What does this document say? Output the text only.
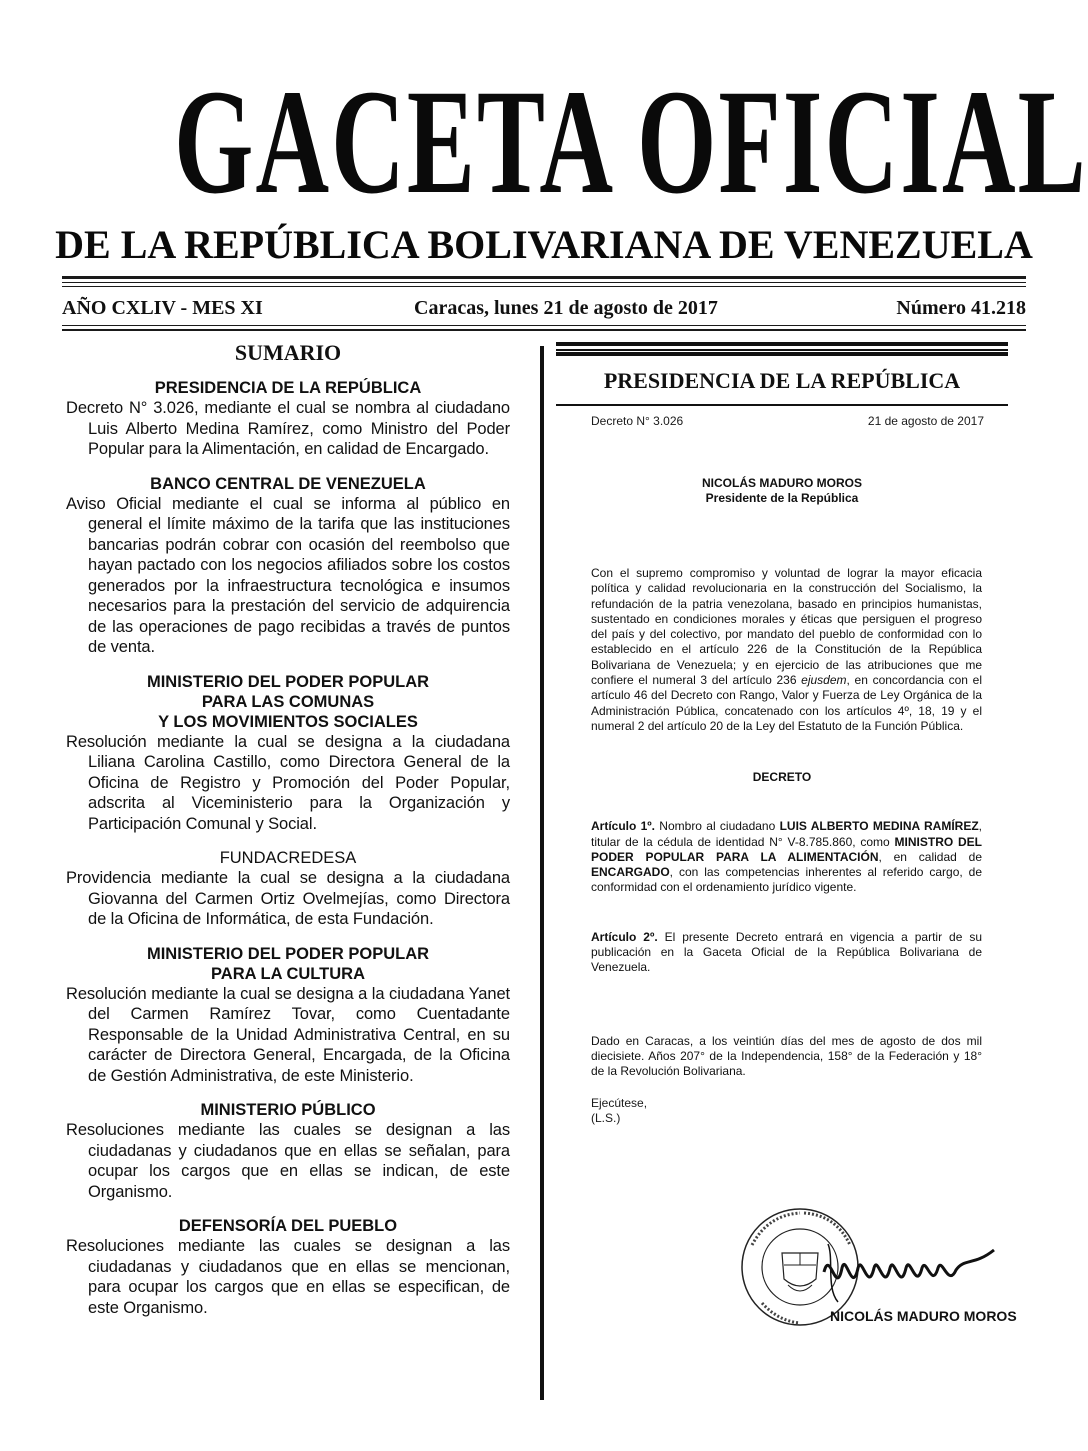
GACETA OFICIAL
DE LA REPÚBLICA BOLIVARIANA DE VENEZUELA
AÑO CXLIV - MES XI	Caracas, lunes 21 de agosto de 2017	Número 41.218
SUMARIO
PRESIDENCIA DE LA REPÚBLICA

Decreto N° 3.026, mediante el cual se nombra al ciudadano Luis Alberto Medina Ramírez, como Ministro del Poder Popular para la Alimentación, en calidad de Encargado.

BANCO CENTRAL DE VENEZUELA

Aviso Oficial mediante el cual se informa al público en general el límite máximo de la tarifa que las instituciones bancarias podrán cobrar con ocasión del reembolso que hayan pactado con los negocios afiliados sobre los costos generados por la infraestructura tecnológica e insumos necesarios para la prestación del servicio de adquirencia de las operaciones de pago recibidas a través de puntos de venta.

MINISTERIO DEL PODER POPULAR
PARA LAS COMUNAS
Y LOS MOVIMIENTOS SOCIALES

Resolución mediante la cual se designa a la ciudadana Liliana Carolina Castillo, como Directora General de la Oficina de Registro y Promoción del Poder Popular, adscrita al Viceministerio para la Organización y Participación Comunal y Social.

FUNDACREDESA

Providencia mediante la cual se designa a la ciudadana Giovanna del Carmen Ortiz Ovelmejías, como Directora de la Oficina de Informática, de esta Fundación.

MINISTERIO DEL PODER POPULAR
PARA LA CULTURA

Resolución mediante la cual se designa a la ciudadana Yanet del Carmen Ramírez Tovar, como Cuentadante Responsable de la Unidad Administrativa Central, en su carácter de Directora General, Encargada, de la Oficina de Gestión Administrativa, de este Ministerio.

MINISTERIO PÚBLICO

Resoluciones mediante las cuales se designan a las ciudadanas y ciudadanos que en ellas se señalan, para ocupar los cargos que en ellas se indican, de este Organismo.

DEFENSORÍA DEL PUEBLO

Resoluciones mediante las cuales se designan a las ciudadanas y ciudadanos que en ellas se mencionan, para ocupar los cargos que en ellas se especifican, de este Organismo.

PRESIDENCIA DE LA REPÚBLICA
Decreto N° 3.026	21 de agosto de 2017
NICOLÁS MADURO MOROS
Presidente de la República

Con el supremo compromiso y voluntad de lograr la mayor eficacia política y calidad revolucionaria en la construcción del Socialismo, la refundación de la patria venezolana, basado en principios humanistas, sustentado en condiciones morales y éticas que persiguen el progreso del país y del colectivo, por mandato del pueblo de conformidad con lo establecido en el artículo 226 de la Constitución de la República Bolivariana de Venezuela; y en ejercicio de las atribuciones que me confiere el numeral 3 del artículo 236 ejusdem, en concordancia con el artículo 46 del Decreto con Rango, Valor y Fuerza de Ley Orgánica de la Administración Pública, concatenado con los artículos 4º, 18, 19 y el numeral 2 del artículo 20 de la Ley del Estatuto de la Función Pública.

DECRETO

Artículo 1º. Nombro al ciudadano LUIS ALBERTO MEDINA RAMÍREZ, titular de la cédula de identidad N° V-8.785.860, como MINISTRO DEL PODER POPULAR PARA LA ALIMENTACIÓN, en calidad de ENCARGADO, con las competencias inherentes al referido cargo, de conformidad con el ordenamiento jurídico vigente.

Artículo 2º. El presente Decreto entrará en vigencia a partir de su publicación en la Gaceta Oficial de la República Bolivariana de Venezuela.

Dado en Caracas, a los veintiún días del mes de agosto de dos mil diecisiete. Años 207° de la Independencia, 158° de la Federación y 18° de la Revolución Bolivariana.

Ejecútese,
(L.S.)
NICOLÁS MADURO MOROS
